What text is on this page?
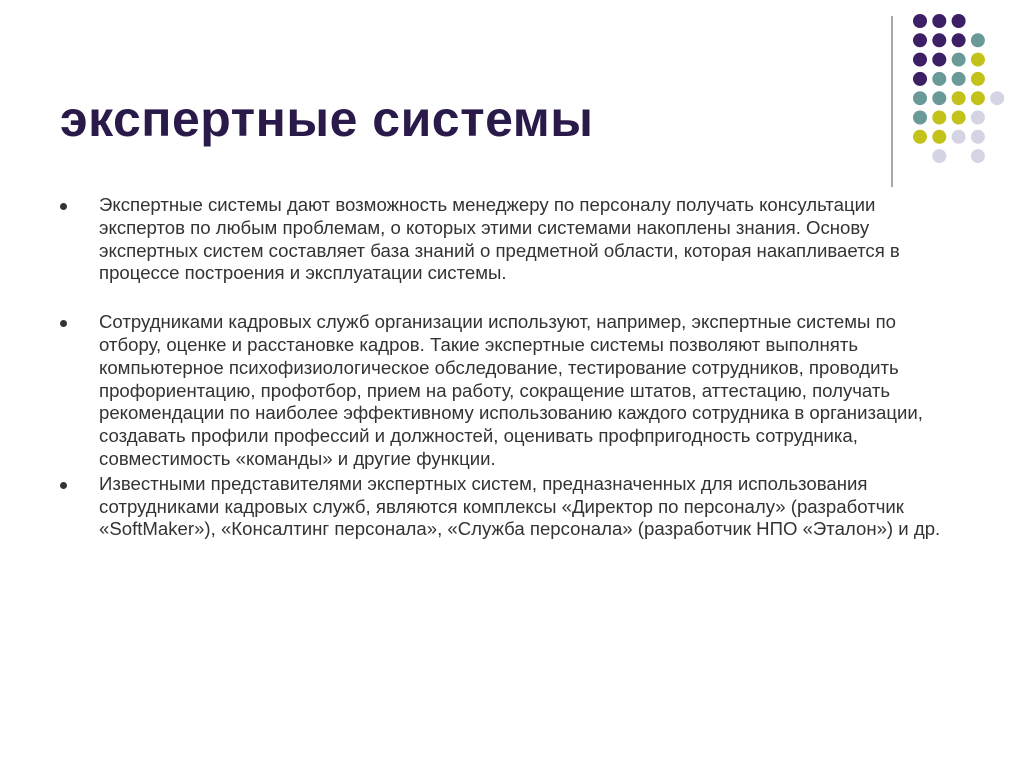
экспертные системы
Экспертные системы дают возможность менеджеру по персоналу получать консультации экспертов по любым проблемам, о которых этими системами накоплены знания. Основу экспертных систем составляет база знаний о предметной области, которая накапливается в процессе построения и эксплуатации системы.
Сотрудниками кадровых служб организации используют, например, экспертные системы по отбору, оценке и расстановке кадров. Такие экспертные системы позволяют выполнять компьютерное психофизиологическое обследование, тестирование сотрудников, проводить профориентацию, профотбор, прием на работу, сокращение штатов, аттестацию, получать рекомендации по наиболее эффективному использованию каждого сотрудника в организации, создавать профили профессий и должностей, оценивать профпригодность сотрудника, совместимость «команды» и другие функции.
Известными представителями экспертных систем, предназначенных для использования сотрудниками кадровых служб, являются комплексы «Директор по персоналу» (разработчик «SoftMaker»), «Консалтинг персонала», «Служба персонала» (разработчик НПО «Эталон») и др.
